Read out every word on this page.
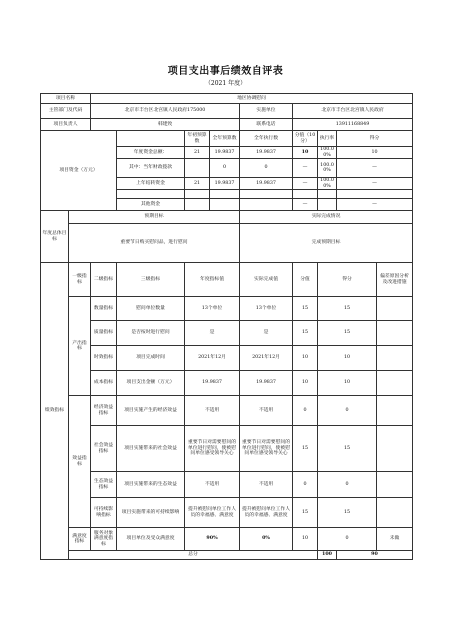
项目支出事后绩效自评表
（2021 年度）
项目名称		地区协调慰问									
主管部门及代码		北京市丰台区北宫镇人民政府175000				实施单位	北京市丰台区北宫镇人民政府				
项目负责人		韩建致				联系电话	13911168849				
项目资金（万元）				年初预算数	全年预算数	全年执行数	分值（10分）	执行率	得分		
			年度资金总额：	21	19.9837	19.9837	10	100.00%	10		
			其中：当年财政拨款		0	0	—	100.00%	—		
			上年结转资金	21	19.9837	19.9837	—	100.00%	—		

			其他资金				—		—		
年度总体目标	预期目标					实际完成情况					
	重要节日购买慰问品，进行慰问					完成预期目标					
绩效指标	一级指标	二级指标	三级指标	年度指标值		实际完成值	分值	得分		偏差原因分析及改进措施	
	产出指标	数量指标	慰问单位数量	13个单位		13个单位	15	15			
		质量指标	是否按时进行慰问	是		是	15	15			
		时效指标	项目完成时间	2021年12月		2021年12月	10	10			
		成本指标	项目支出金额（万元）	19.9837		19.9837	10	10			
	效益指标	经济效益指标	项目实施产生的经济效益	不适用		不适用	0	0			
		社会效益指标	项目实施带来的社会效益	重要节日对需要慰问的单位进行慰问，使被慰问单位感受领导关心		重要节日对需要慰问的单位进行慰问，使被慰问单位感受领导关心	15	15			
		生态效益指标	项目实施带来的生态效益	不适用		不适用	0	0			
		可持续影响指标	项目实施带来的可持续影响	提升被慰问单位工作人员的幸福感、满意度		提升被慰问单位工作人员的幸福感、满意度	15	15			
	满意度指标	服务对象满意度指标	项目单位及受众满意度	90%		0%	10	0		未做	
	总分							100	90	
